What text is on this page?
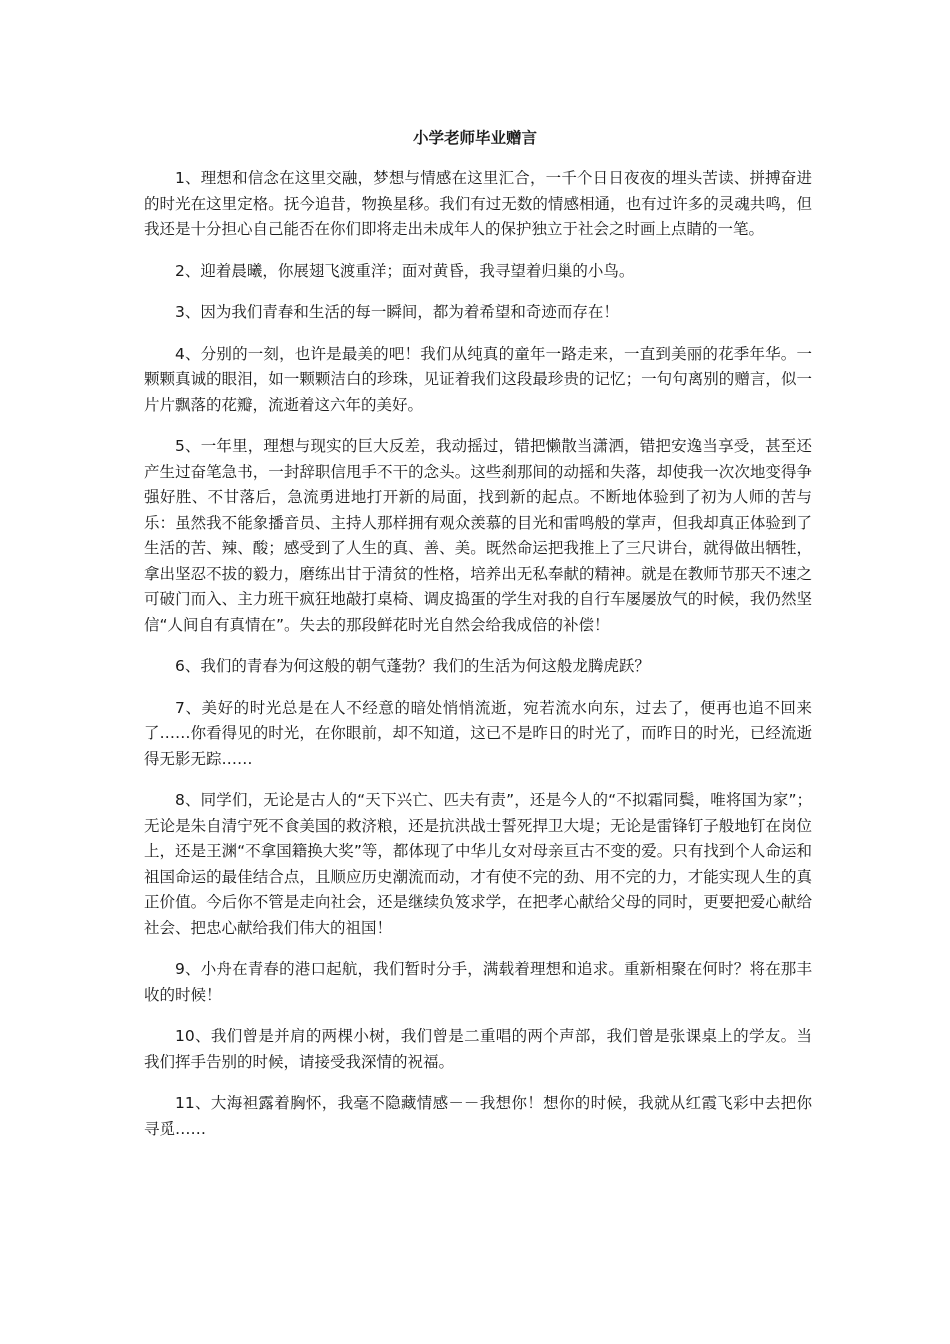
小学老师毕业赠言

1、理想和信念在这里交融，梦想与情感在这里汇合，一千个日日夜夜的埋头苦读、拼搏奋进的时光在这里定格。抚今追昔，物换星移。我们有过无数的情感相通，也有过许多的灵魂共鸣，但我还是十分担心自己能否在你们即将走出未成年人的保护独立于社会之时画上点睛的一笔。

2、迎着晨曦，你展翅飞渡重洋；面对黄昏，我寻望着归巢的小鸟。

3、因为我们青春和生活的每一瞬间，都为着希望和奇迹而存在！

4、分别的一刻，也许是最美的吧！我们从纯真的童年一路走来，一直到美丽的花季年华。一颗颗真诚的眼泪，如一颗颗洁白的珍珠，见证着我们这段最珍贵的记忆；一句句离别的赠言，似一片片飘落的花瓣，流逝着这六年的美好。

5、一年里，理想与现实的巨大反差，我动摇过，错把懒散当潇洒，错把安逸当享受，甚至还产生过奋笔急书，一封辞职信甩手不干的念头。这些刹那间的动摇和失落，却使我一次次地变得争强好胜、不甘落后，急流勇进地打开新的局面，找到新的起点。不断地体验到了初为人师的苦与乐：虽然我不能象播音员、主持人那样拥有观众羡慕的目光和雷鸣般的掌声，但我却真正体验到了生活的苦、辣、酸；感受到了人生的真、善、美。既然命运把我推上了三尺讲台，就得做出牺牲，拿出坚忍不拔的毅力，磨练出甘于清贫的性格，培养出无私奉献的精神。就是在教师节那天不速之可破门而入、主力班干疯狂地敲打桌椅、调皮捣蛋的学生对我的自行车屡屡放气的时候，我仍然坚信“人间自有真情在”。失去的那段鲜花时光自然会给我成倍的补偿！

6、我们的青春为何这般的朝气蓬勃？我们的生活为何这般龙腾虎跃？

7、美好的时光总是在人不经意的暗处悄悄流逝，宛若流水向东，过去了，便再也追不回来了……你看得见的时光，在你眼前，却不知道，这已不是昨日的时光了，而昨日的时光，已经流逝得无影无踪……

8、同学们，无论是古人的“天下兴亡、匹夫有责”，还是今人的“不拟霜同鬓，唯将国为家”；无论是朱自清宁死不食美国的救济粮，还是抗洪战士誓死捍卫大堤；无论是雷锋钉子般地钉在岗位上，还是王渊“不拿国籍换大奖”等，都体现了中华儿女对母亲亘古不变的爱。只有找到个人命运和祖国命运的最佳结合点，且顺应历史潮流而动，才有使不完的劲、用不完的力，才能实现人生的真正价值。今后你不管是走向社会，还是继续负笈求学，在把孝心献给父母的同时，更要把爱心献给社会、把忠心献给我们伟大的祖国！

9、小舟在青春的港口起航，我们暂时分手，满载着理想和追求。重新相聚在何时？将在那丰收的时候！

10、我们曾是并肩的两棵小树，我们曾是二重唱的两个声部，我们曾是张课桌上的学友。当我们挥手告别的时候，请接受我深情的祝福。

11、大海袒露着胸怀，我毫不隐藏情感－－我想你！想你的时候，我就从红霞飞彩中去把你寻觅……
